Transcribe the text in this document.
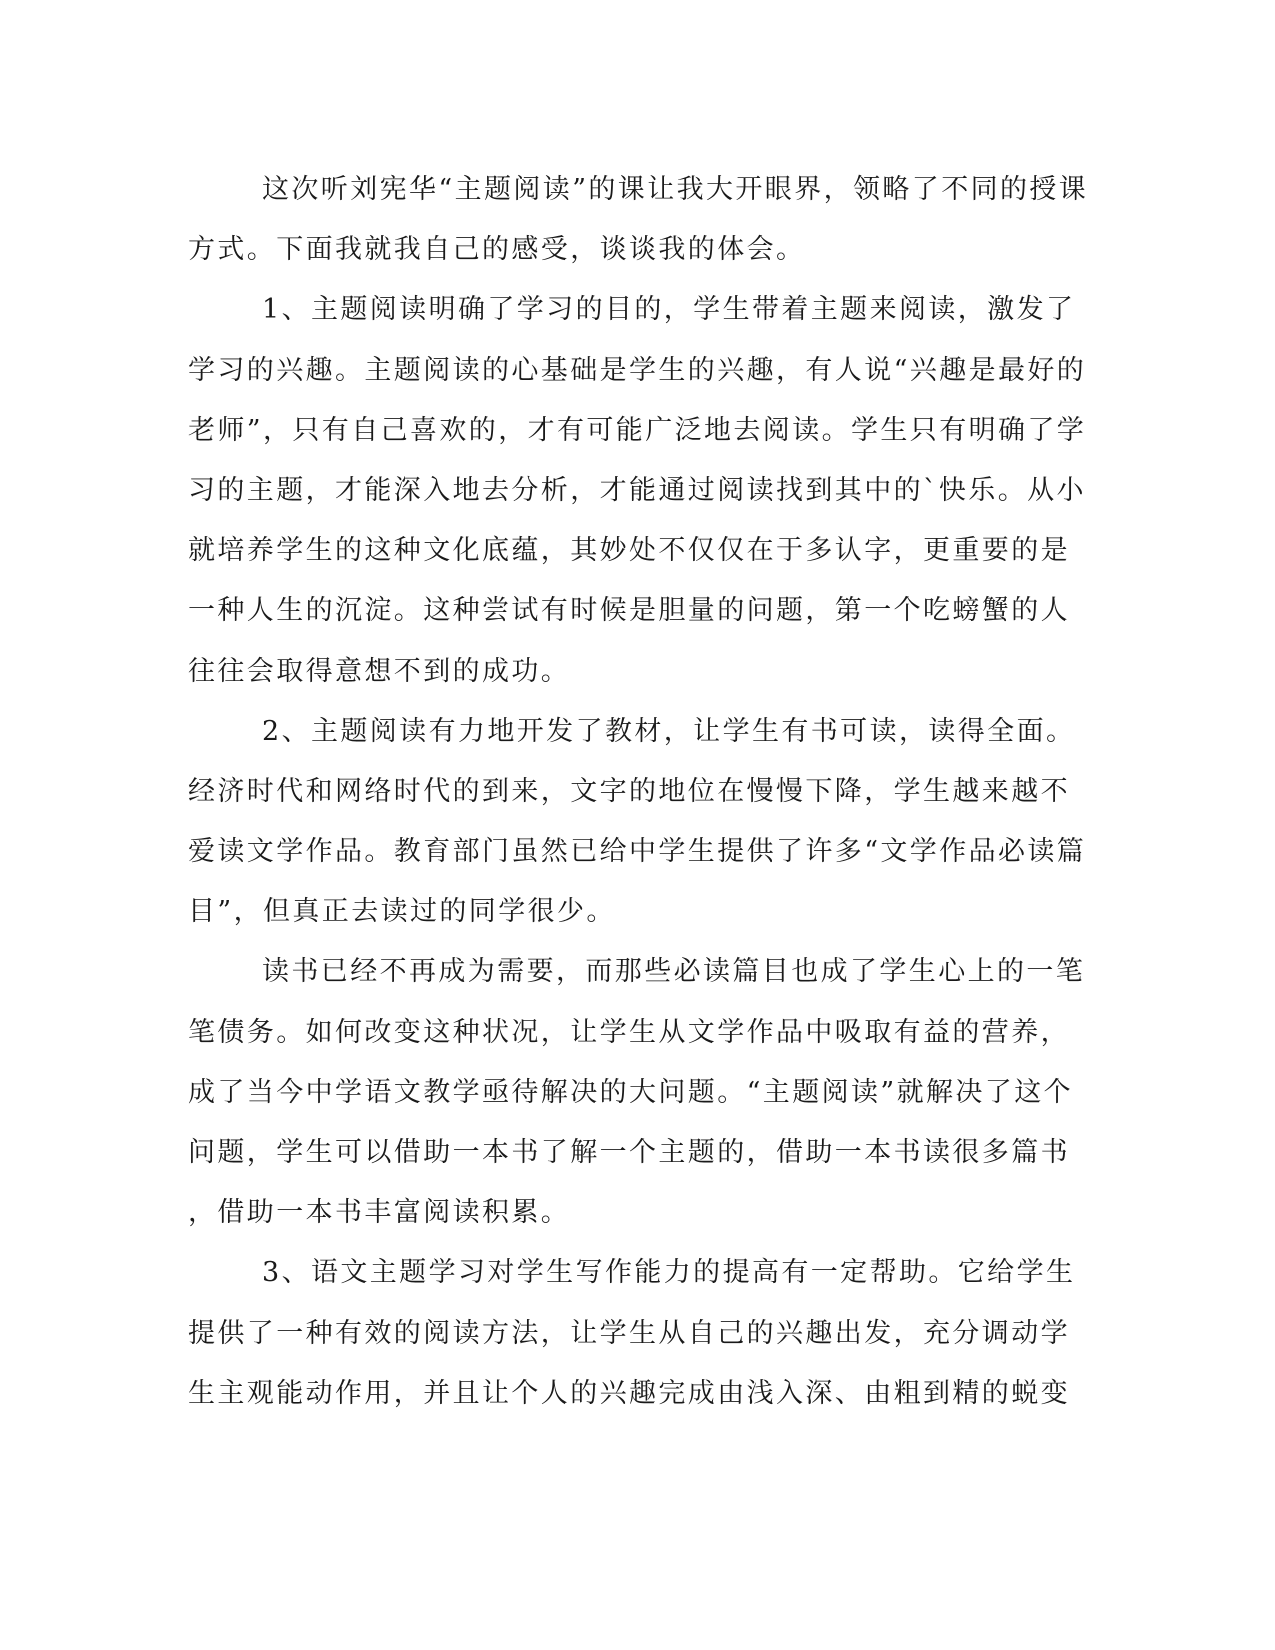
这次听刘宪华“主题阅读”的课让我大开眼界，领略了不同的授课
方式。下面我就我自己的感受，谈谈我的体会。
1、主题阅读明确了学习的目的，学生带着主题来阅读，激发了
学习的兴趣。主题阅读的心基础是学生的兴趣，有人说“兴趣是最好的
老师”，只有自己喜欢的，才有可能广泛地去阅读。学生只有明确了学
习的主题，才能深入地去分析，才能通过阅读找到其中的`快乐。从小
就培养学生的这种文化底蕴，其妙处不仅仅在于多认字，更重要的是
一种人生的沉淀。这种尝试有时候是胆量的问题，第一个吃螃蟹的人
往往会取得意想不到的成功。
2、主题阅读有力地开发了教材，让学生有书可读，读得全面。
经济时代和网络时代的到来，文字的地位在慢慢下降，学生越来越不
爱读文学作品。教育部门虽然已给中学生提供了许多“文学作品必读篇
目”，但真正去读过的同学很少。
读书已经不再成为需要，而那些必读篇目也成了学生心上的一笔
笔债务。如何改变这种状况，让学生从文学作品中吸取有益的营养，
成了当今中学语文教学亟待解决的大问题。“主题阅读”就解决了这个
问题，学生可以借助一本书了解一个主题的，借助一本书读很多篇书
，借助一本书丰富阅读积累。
3、语文主题学习对学生写作能力的提高有一定帮助。它给学生
提供了一种有效的阅读方法，让学生从自己的兴趣出发，充分调动学
生主观能动作用，并且让个人的兴趣完成由浅入深、由粗到精的蜕变
